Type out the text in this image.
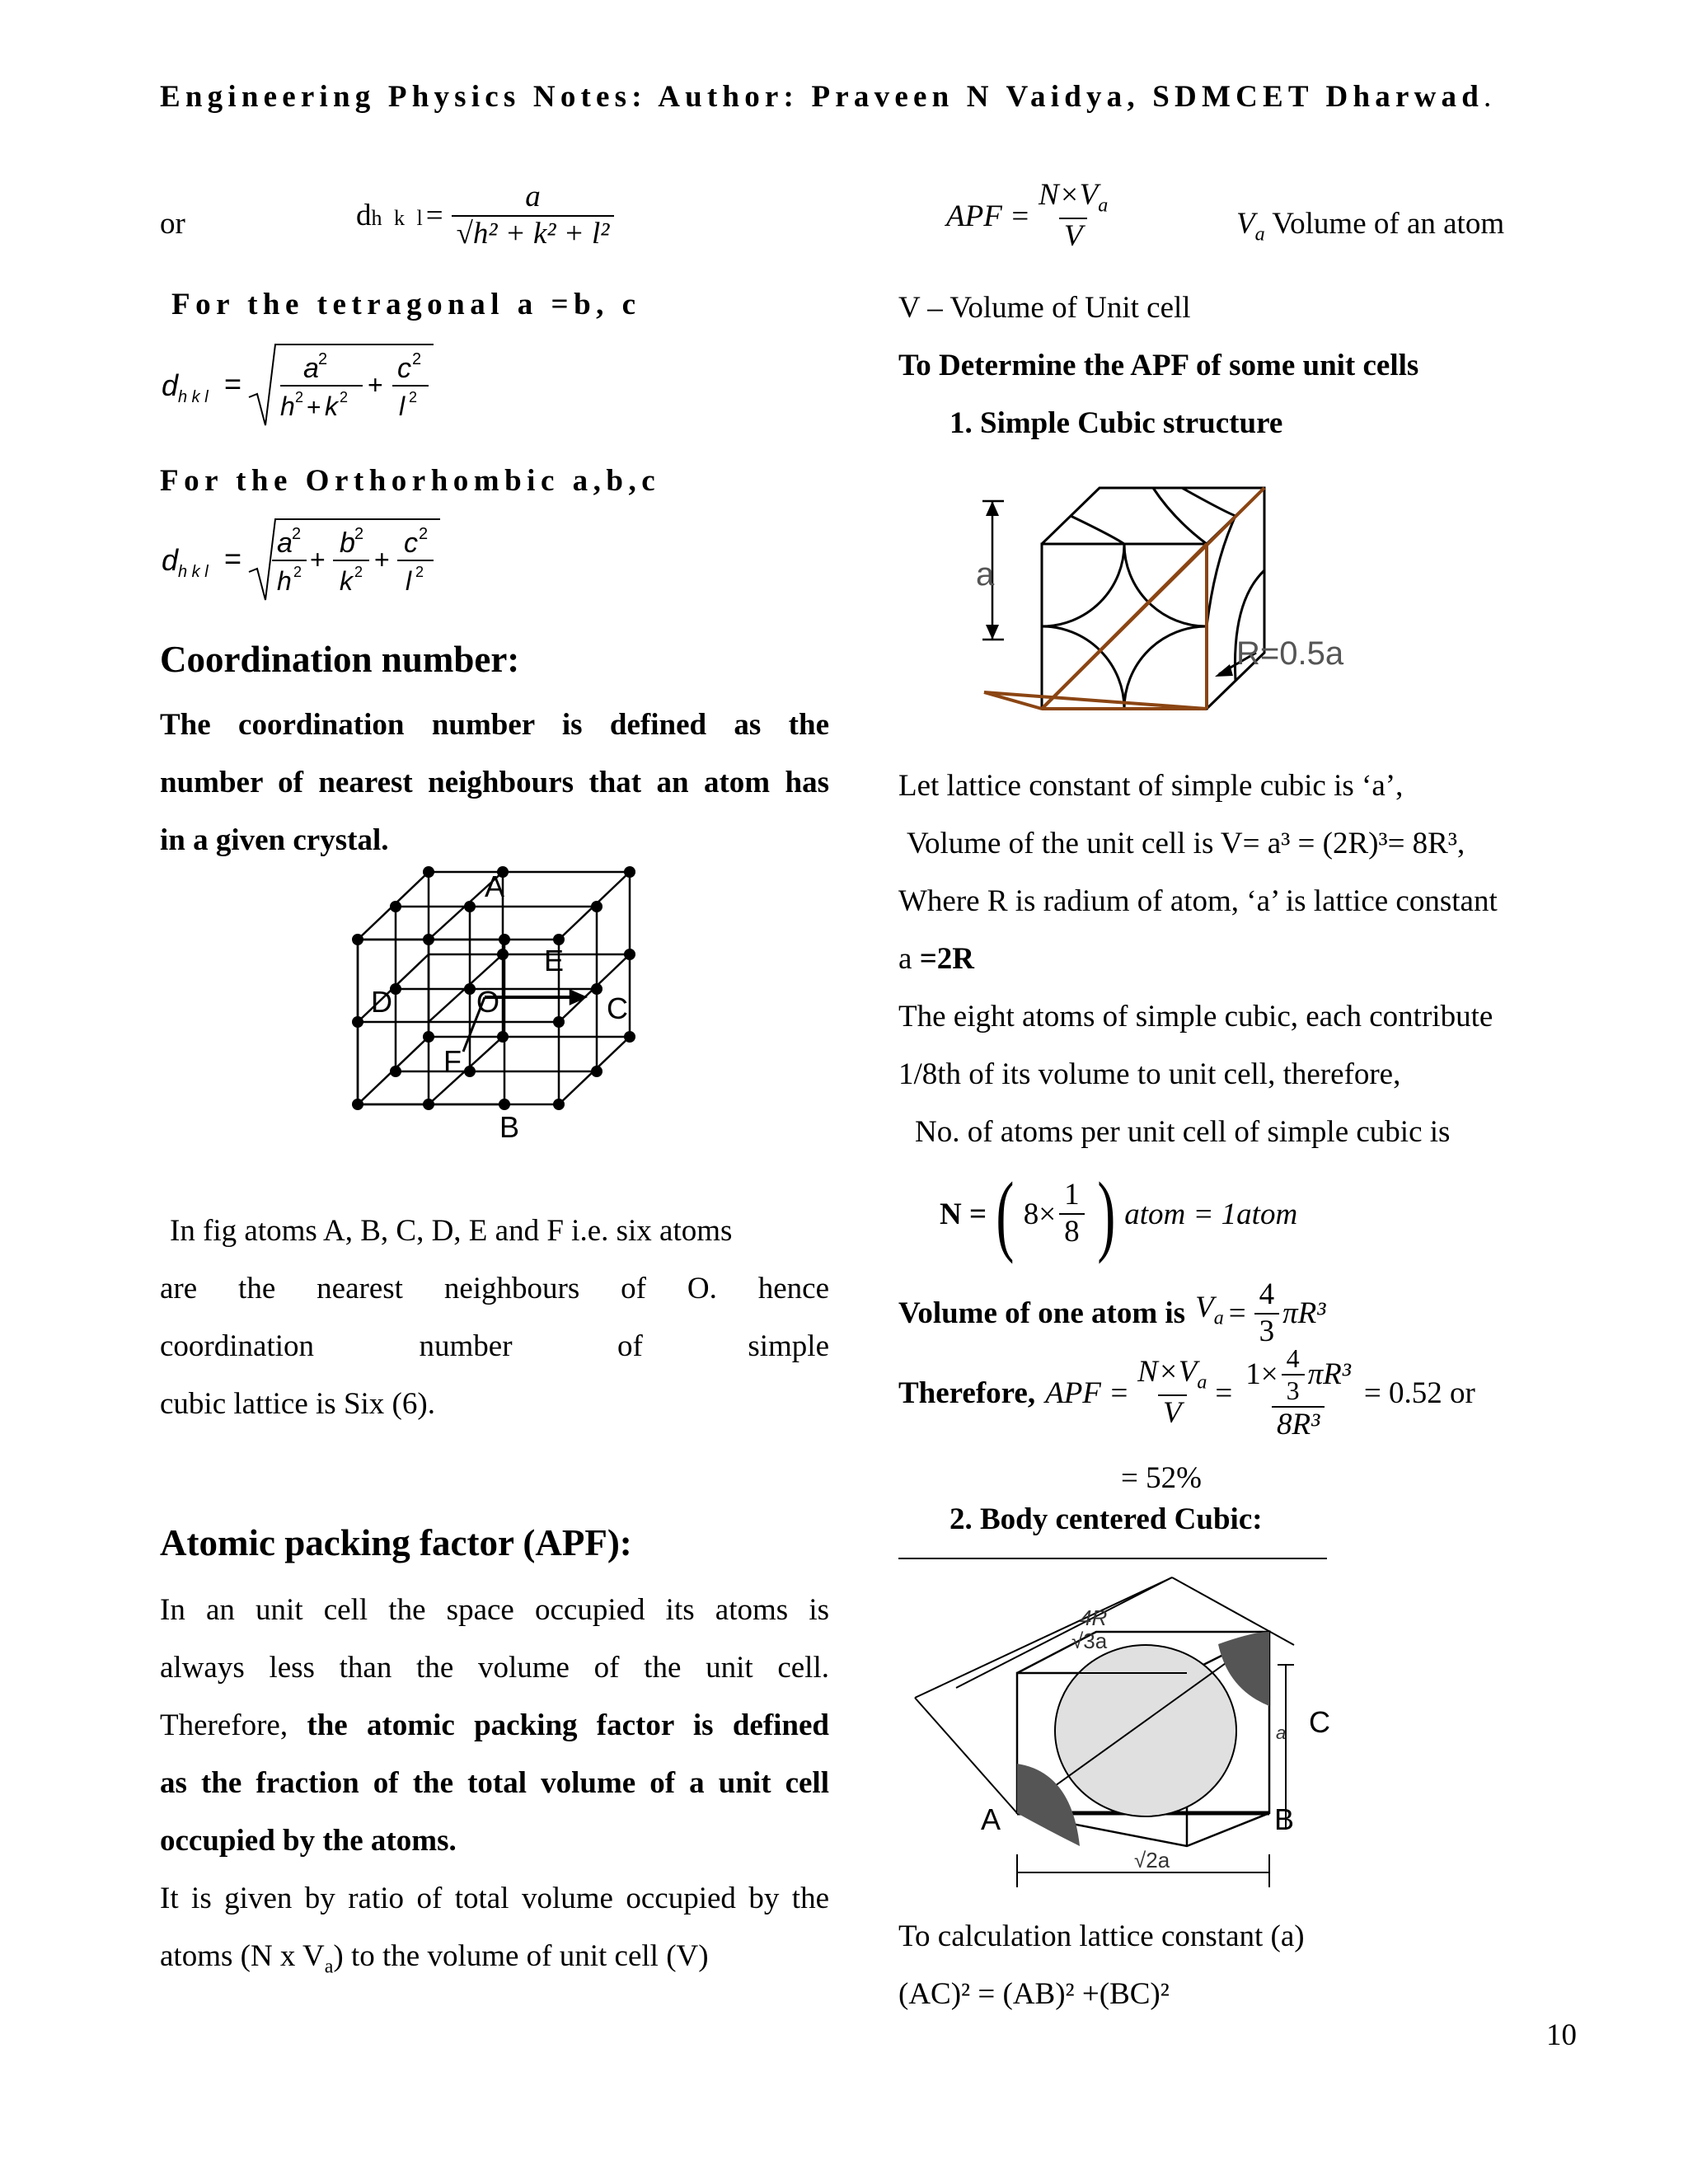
Engineering Physics Notes: Author: Praveen N Vaidya, SDMCET Dharwad.
or	dh k $l= \frac{a}{\text{√h² + k² + l²}}$
For the tetragonal a =b, c
d h k l = a 2
h 2 + k 2 +
c 2
l 2
For the Orthorhombic a,b,c
d h k l = a 2
h 2 +
b 2
k 2 +
c 2
l 2
Coordination number:
The coordination number is defined as the
number of nearest neighbours that an atom has
in a given crystal.
A
E
D	O	C
F
B
In fig atoms A, B, C, D, E and F i.e. six atoms
are the nearest neighbours of O. hence
coordination number of simple
cubic lattice is Six (6).
Atomic packing factor (APF):
In an unit cell the space occupied its atoms is
always less than the volume of the unit cell.
Therefore, the atomic packing factor is defined
as the fraction of the total volume of a unit cell
occupied by the atoms.
It is given by ratio of total volume occupied by the
atoms (N x $V_a$) to the volume of unit cell (V)
APF = $\frac{N\times V_a}{V}$	$V_a$ Volume of an atom
V – Volume of Unit cell
To Determine the APF of some unit cells
1. Simple Cubic structure
a
R=0.5a
Let lattice constant of simple cubic is ‘a’,
Volume of the unit cell is V= a³ = (2R)³= 8R³,
Where R is radium of atom, ‘a’ is lattice constant
a =2R
The eight atoms of simple cubic, each contribute
1/8th of its volume to unit cell, therefore,
No. of atoms per unit cell of simple cubic is
N = ( $8\times \frac{1}{8}$ ) atom = 1atom
Volume of one atom is $V_a = \frac{4}{3} \pi R^3$
Therefore, APF = $\frac{N\times V_a}{V} = \frac{1\times \frac{4}{3} \pi R^3}{\text{8R³}} = 0.52$ or
= 52%
2. Body centered Cubic:
4R
√3a
√2a
a
A	B
C
To calculation lattice constant (a)
(AC)² = (AB)² +(BC)²
10
